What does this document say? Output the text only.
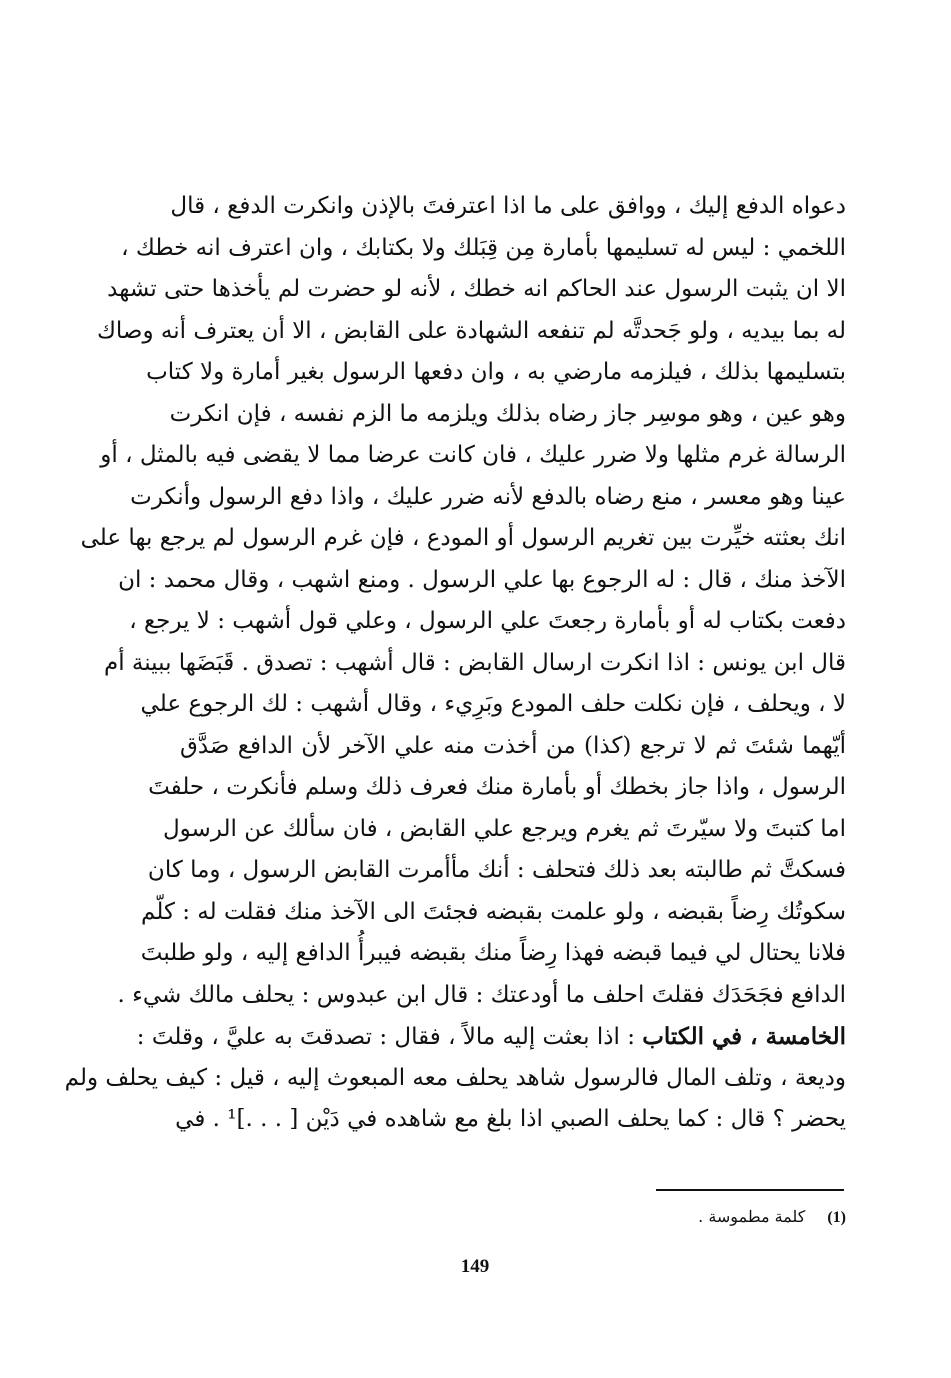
دعواه الدفع إليك ، ووافق على ما اذا اعترفتَ بالإذن وانكرت الدفع ، قال
اللخمي : ليس له تسليمها بأمارة مِن قِبَلك ولا بكتابك ، وان اعترف انه خطك ،
الا ان يثبت الرسول عند الحاكم انه خطك ، لأنه لو حضرت لم يأخذها حتى تشهد
له بما بيديه ، ولو جَحدتَّه لم تنفعه الشهادة على القابض ، الا أن يعترف أنه وصاك
بتسليمها بذلك ، فيلزمه مارضي به ، وان دفعها الرسول بغير أمارة ولا كتاب
وهو عين ، وهو موسِر جاز رضاه بذلك ويلزمه ما الزم نفسه ، فإن انكرت
الرسالة غرم مثلها ولا ضرر عليك ، فان كانت عرضا مما لا يقضى فيه بالمثل ، أو
عينا وهو معسر ، منع رضاه بالدفع لأنه ضرر عليك ، واذا دفع الرسول وأنكرت
انك بعثته خيِّرت بين تغريم الرسول أو المودع ، فإن غرم الرسول لم يرجع بها على
الآخذ منك ، قال : له الرجوع بها علي الرسول . ومنع اشهب ، وقال محمد : ان
دفعت بكتاب له أو بأمارة رجعتَ علي الرسول ، وعلي قول أشهب : لا يرجع ،
قال ابن يونس : اذا انكرت ارسال القابض : قال أشهب : تصدق . قَبَضَها ببينة أم
لا ، ويحلف ، فإن نكلت حلف المودع وبَرِيء ، وقال أشهب : لك الرجوع علي
أيّهما شئتَ ثم لا ترجع (كذا) من أخذت منه علي الآخر لأن الدافع صَدَّق
الرسول ، واذا جاز بخطك أو بأمارة منك فعرف ذلك وسلم فأنكرت ، حلفتَ
اما كتبتَ ولا سيّرتَ ثم يغرم ويرجع علي القابض ، فان سألك عن الرسول
فسكتَّ ثم طالبته بعد ذلك فتحلف : أنك مأأمرت القابض الرسول ، وما كان
سكوتُك رِضاً بقبضه ، ولو علمت بقبضه فجئتَ الى الآخذ منك فقلت له : كلّم
فلانا يحتال لي فيما قبضه فهذا رِضاً منك بقبضه فيبرأُ الدافع إليه ، ولو طلبتَ
الدافع فجَحَدَك فقلتَ احلف ما أودعتك : قال ابن عبدوس : يحلف مالك شيء .
الخامسة ، في الكتاب : اذا بعثت إليه مالاً ، فقال : تصدقتَ به عليَّ ، وقلتَ :
وديعة ، وتلف المال فالرسول شاهد يحلف معه المبعوث إليه ، قيل : كيف يحلف ولم
يحضر ؟ قال : كما يحلف الصبي اذا بلغ مع شاهده في دَيْن [ . . .]¹ . في
(1)كلمة مطموسة .
149
